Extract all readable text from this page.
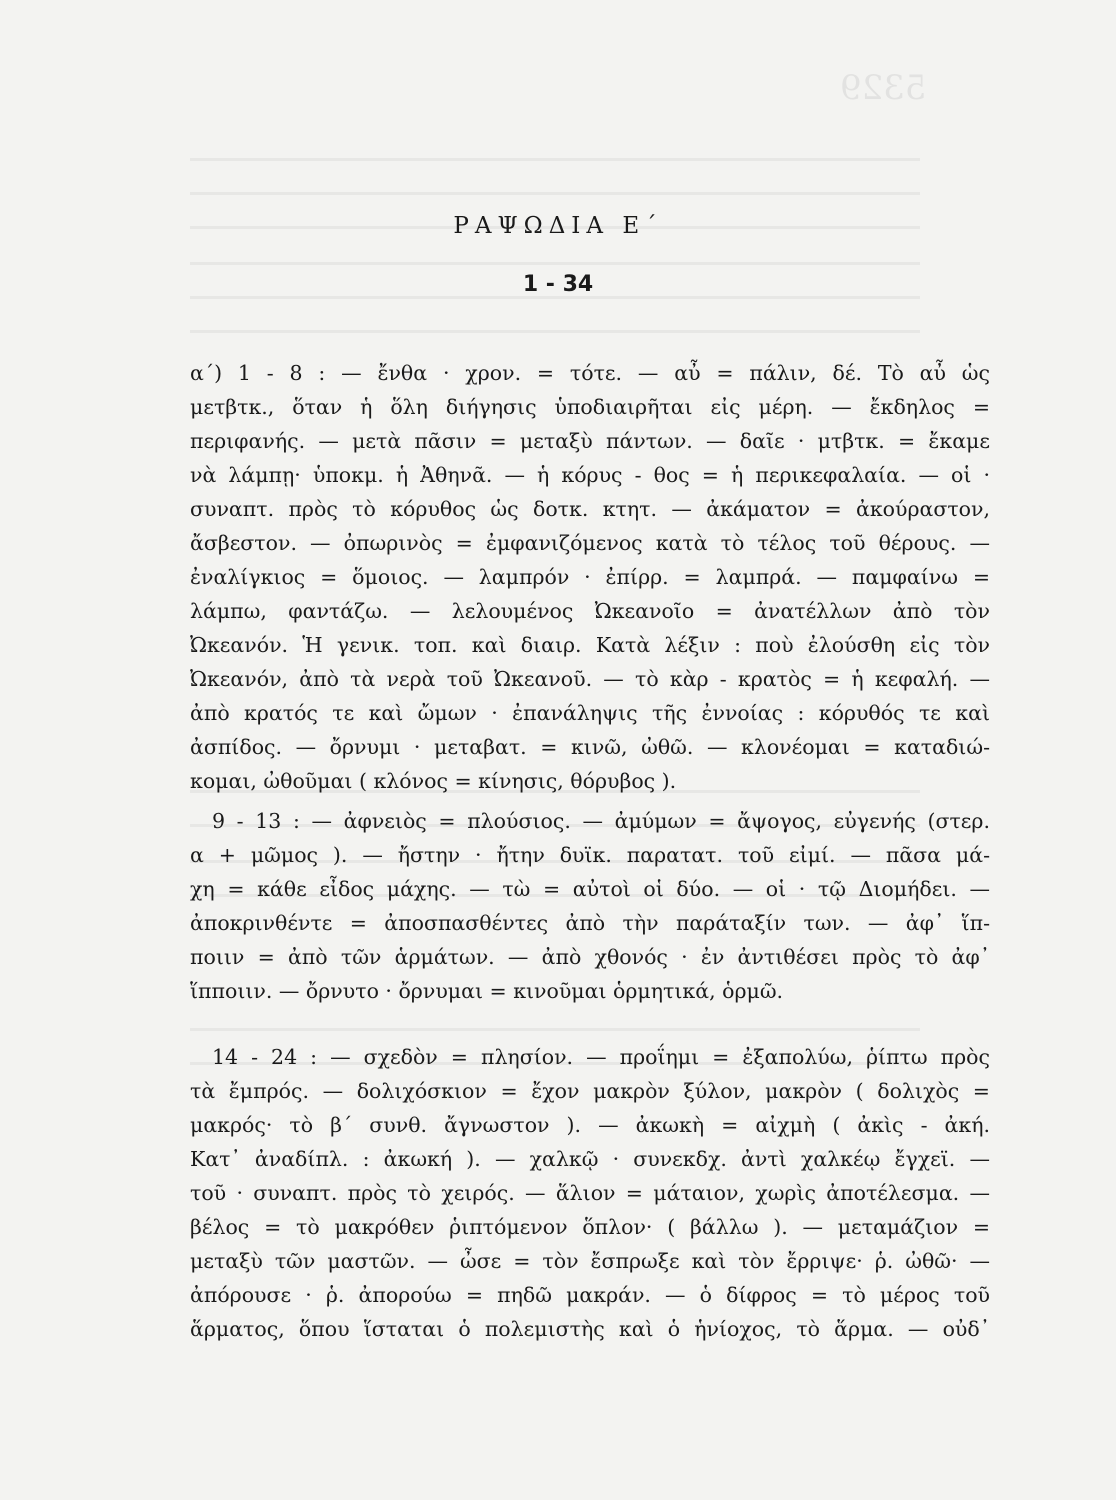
5329
ΡΑΨΩΔΙΑ Ε΄
1 - 34
α΄) 1 - 8 : — ἔνθα · χρον. = τότε. — αὖ = πάλιν, δέ. Τὸ αὖ ὡς
μετβτκ., ὅταν ἡ ὅλη διήγησις ὑποδιαιρῆται εἰς μέρη. — ἔκδηλος =
περιφανής. — μετὰ πᾶσιν = μεταξὺ πάντων. — δαῖε · μτβτκ. = ἔκαμε
νὰ λάμπῃ· ὑποκμ. ἡ Ἀθηνᾶ. — ἡ κόρυς - θος = ἡ περικεφαλαία. — οἱ ·
συναπτ. πρὸς τὸ κόρυθος ὡς δοτκ. κτητ. — ἀκάματον = ἀκούραστον,
ἄσβεστον. — ὀπωρινὸς = ἐμφανιζόμενος κατὰ τὸ τέλος τοῦ θέρους. —
ἐναλίγκιος = ὅμοιος. — λαμπρόν · ἐπίρρ. = λαμπρά. — παμφαίνω =
λάμπω, φαντάζω. — λελουμένος Ὠκεανοῖο = ἀνατέλλων ἀπὸ τὸν
Ὠκεανόν. Ἡ γενικ. τοπ. καὶ διαιρ. Κατὰ λέξιν : ποὺ ἐλούσθη εἰς τὸν
Ὠκεανόν, ἀπὸ τὰ νερὰ τοῦ Ὠκεανοῦ. — τὸ κὰρ - κρατὸς = ἡ κεφαλή. —
ἀπὸ κρατός τε καὶ ὤμων · ἐπανάληψις τῆς ἐννοίας : κόρυθός τε καὶ
ἀσπίδος. — ὄρνυμι · μεταβατ. = κινῶ, ὠθῶ. — κλονέομαι = καταδιώ-
κομαι, ὠθοῦμαι ( κλόνος = κίνησις, θόρυβος ).
9 - 13 : — ἀφνειὸς = πλούσιος. — ἀμύμων = ἄψογος, εὐγενής (στερ.
α + μῶμος ). — ἤστην · ἤτην δυϊκ. παρατατ. τοῦ εἰμί. — πᾶσα μά-
χη = κάθε εἶδος μάχης. — τὼ = αὐτοὶ οἱ δύο. — οἱ · τῷ Διομήδει. —
ἀποκρινθέντε = ἀποσπασθέντες ἀπὸ τὴν παράταξίν των. — ἀφ᾽ ἵπ-
ποιιν = ἀπὸ τῶν ἁρμάτων. — ἀπὸ χθονός · ἐν ἀντιθέσει πρὸς τὸ ἀφ᾽
ἵπποιιν. — ὄρνυτο · ὄρνυμαι = κινοῦμαι ὁρμητικά, ὁρμῶ.
14 - 24 : — σχεδὸν = πλησίον. — προΐημι = ἐξαπολύω, ῥίπτω πρὸς
τὰ ἔμπρός. — δολιχόσκιον = ἔχον μακρὸν ξύλον, μακρὸν ( δολιχὸς =
μακρός· τὸ β΄ συνθ. ἄγνωστον ). — ἀκωκὴ = αἰχμὴ ( ἀκὶς - ἀκή.
Κατ᾽ ἀναδίπλ. : ἀκωκή ). — χαλκῷ · συνεκδχ. ἀντὶ χαλκέῳ ἔγχεϊ. —
τοῦ · συναπτ. πρὸς τὸ χειρός. — ἅλιον = μάταιον, χωρὶς ἀποτέλεσμα. —
βέλος = τὸ μακρόθεν ῥιπτόμενον ὅπλον· ( βάλλω ). — μεταμάζιον =
μεταξὺ τῶν μαστῶν. — ὦσε = τὸν ἔσπρωξε καὶ τὸν ἔρριψε· ῥ. ὠθῶ· —
ἀπόρουσε · ῥ. ἀπορούω = πηδῶ μακράν. — ὁ δίφρος = τὸ μέρος τοῦ
ἅρματος, ὅπου ἵσταται ὁ πολεμιστὴς καὶ ὁ ἡνίοχος, τὸ ἅρμα. — οὐδ᾽
